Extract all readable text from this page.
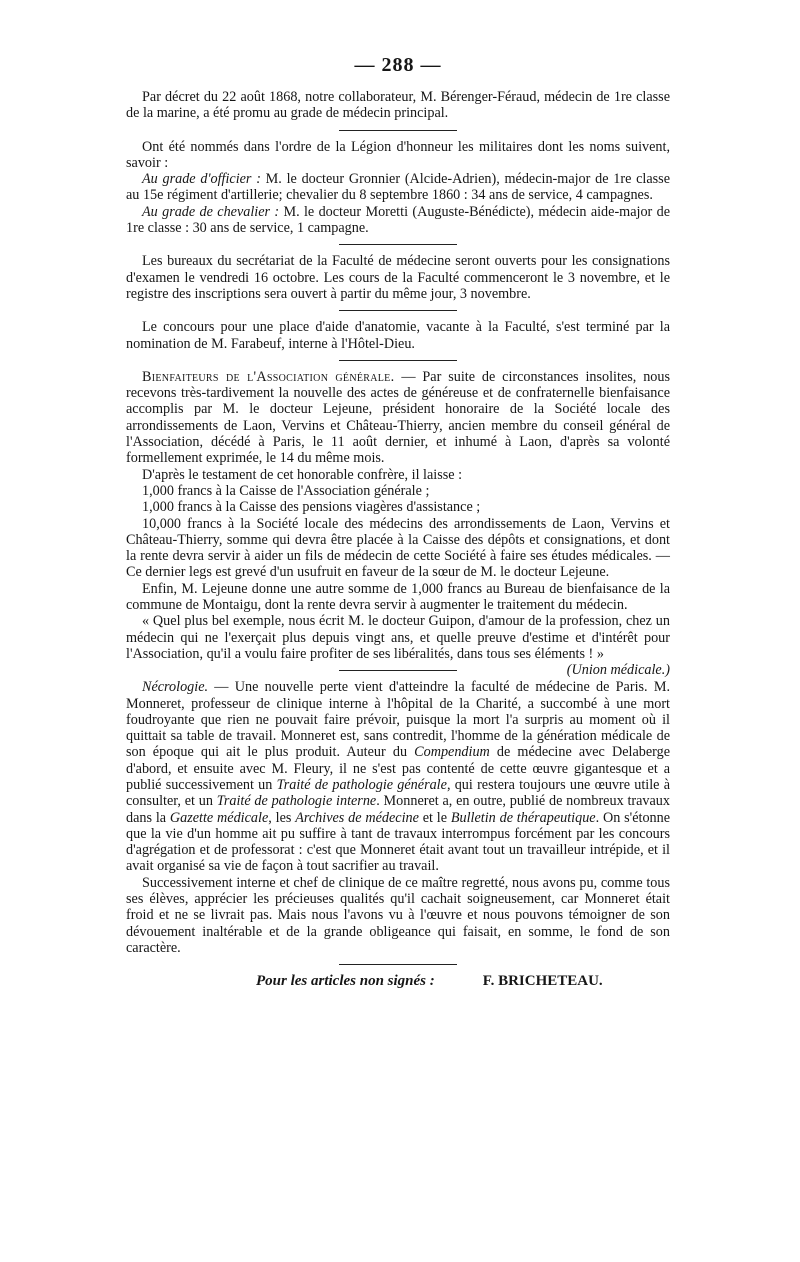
— 288 —

Par décret du 22 août 1868, notre collaborateur, M. Bérenger-Féraud, médecin de 1re classe de la marine, a été promu au grade de médecin principal.

Ont été nommés dans l'ordre de la Légion d'honneur les militaires dont les noms suivent, savoir :

Au grade d'officier : M. le docteur Gronnier (Alcide-Adrien), médecin-major de 1re classe au 15e régiment d'artillerie; chevalier du 8 septembre 1860 : 34 ans de service, 4 campagnes.

Au grade de chevalier : M. le docteur Moretti (Auguste-Bénédicte), médecin aide-major de 1re classe : 30 ans de service, 1 campagne.

Les bureaux du secrétariat de la Faculté de médecine seront ouverts pour les consignations d'examen le vendredi 16 octobre. Les cours de la Faculté commenceront le 3 novembre, et le registre des inscriptions sera ouvert à partir du même jour, 3 novembre.

Le concours pour une place d'aide d'anatomie, vacante à la Faculté, s'est terminé par la nomination de M. Farabeuf, interne à l'Hôtel-Dieu.

Bienfaiteurs de l'Association générale. — Par suite de circonstances insolites, nous recevons très-tardivement la nouvelle des actes de généreuse et de confraternelle bienfaisance accomplis par M. le docteur Lejeune, président honoraire de la Société locale des arrondissements de Laon, Vervins et Château-Thierry, ancien membre du conseil général de l'Association, décédé à Paris, le 11 août dernier, et inhumé à Laon, d'après sa volonté formellement exprimée, le 14 du même mois.

D'après le testament de cet honorable confrère, il laisse :

1,000 francs à la Caisse de l'Association générale ;
1,000 francs à la Caisse des pensions viagères d'assistance ;

10,000 francs à la Société locale des médecins des arrondissements de Laon, Vervins et Château-Thierry, somme qui devra être placée à la Caisse des dépôts et consignations, et dont la rente devra servir à aider un fils de médecin de cette Société à faire ses études médicales. — Ce dernier legs est grevé d'un usufruit en faveur de la sœur de M. le docteur Lejeune.

Enfin, M. Lejeune donne une autre somme de 1,000 francs au Bureau de bienfaisance de la commune de Montaigu, dont la rente devra servir à augmenter le traitement du médecin.

« Quel plus bel exemple, nous écrit M. le docteur Guipon, d'amour de la profession, chez un médecin qui ne l'exerçait plus depuis vingt ans, et quelle preuve d'estime et d'intérêt pour l'Association, qu'il a voulu faire profiter de ses libéralités, dans tous ses éléments ! »
(Union médicale.)

Nécrologie. — Une nouvelle perte vient d'atteindre la faculté de médecine de Paris. M. Monneret, professeur de clinique interne à l'hôpital de la Charité, a succombé à une mort foudroyante que rien ne pouvait faire prévoir, puisque la mort l'a surpris au moment où il quittait sa table de travail. Monneret est, sans contredit, l'homme de la génération médicale de son époque qui ait le plus produit. Auteur du Compendium de médecine avec Delaberge d'abord, et ensuite avec M. Fleury, il ne s'est pas contenté de cette œuvre gigantesque et a publié successivement un Traité de pathologie générale, qui restera toujours une œuvre utile à consulter, et un Traité de pathologie interne. Monneret a, en outre, publié de nombreux travaux dans la Gazette médicale, les Archives de médecine et le Bulletin de thérapeutique. On s'étonne que la vie d'un homme ait pu suffire à tant de travaux interrompus forcément par les concours d'agrégation et de professorat : c'est que Monneret était avant tout un travailleur intrépide, et il avait organisé sa vie de façon à tout sacrifier au travail.

Successivement interne et chef de clinique de ce maître regretté, nous avons pu, comme tous ses élèves, apprécier les précieuses qualités qu'il cachait soigneusement, car Monneret était froid et ne se livrait pas. Mais nous l'avons vu à l'œuvre et nous pouvons témoigner de son dévouement inaltérable et de la grande obligeance qui faisait, en somme, le fond de son caractère.

Pour les articles non signés :	F. BRICHETEAU.
